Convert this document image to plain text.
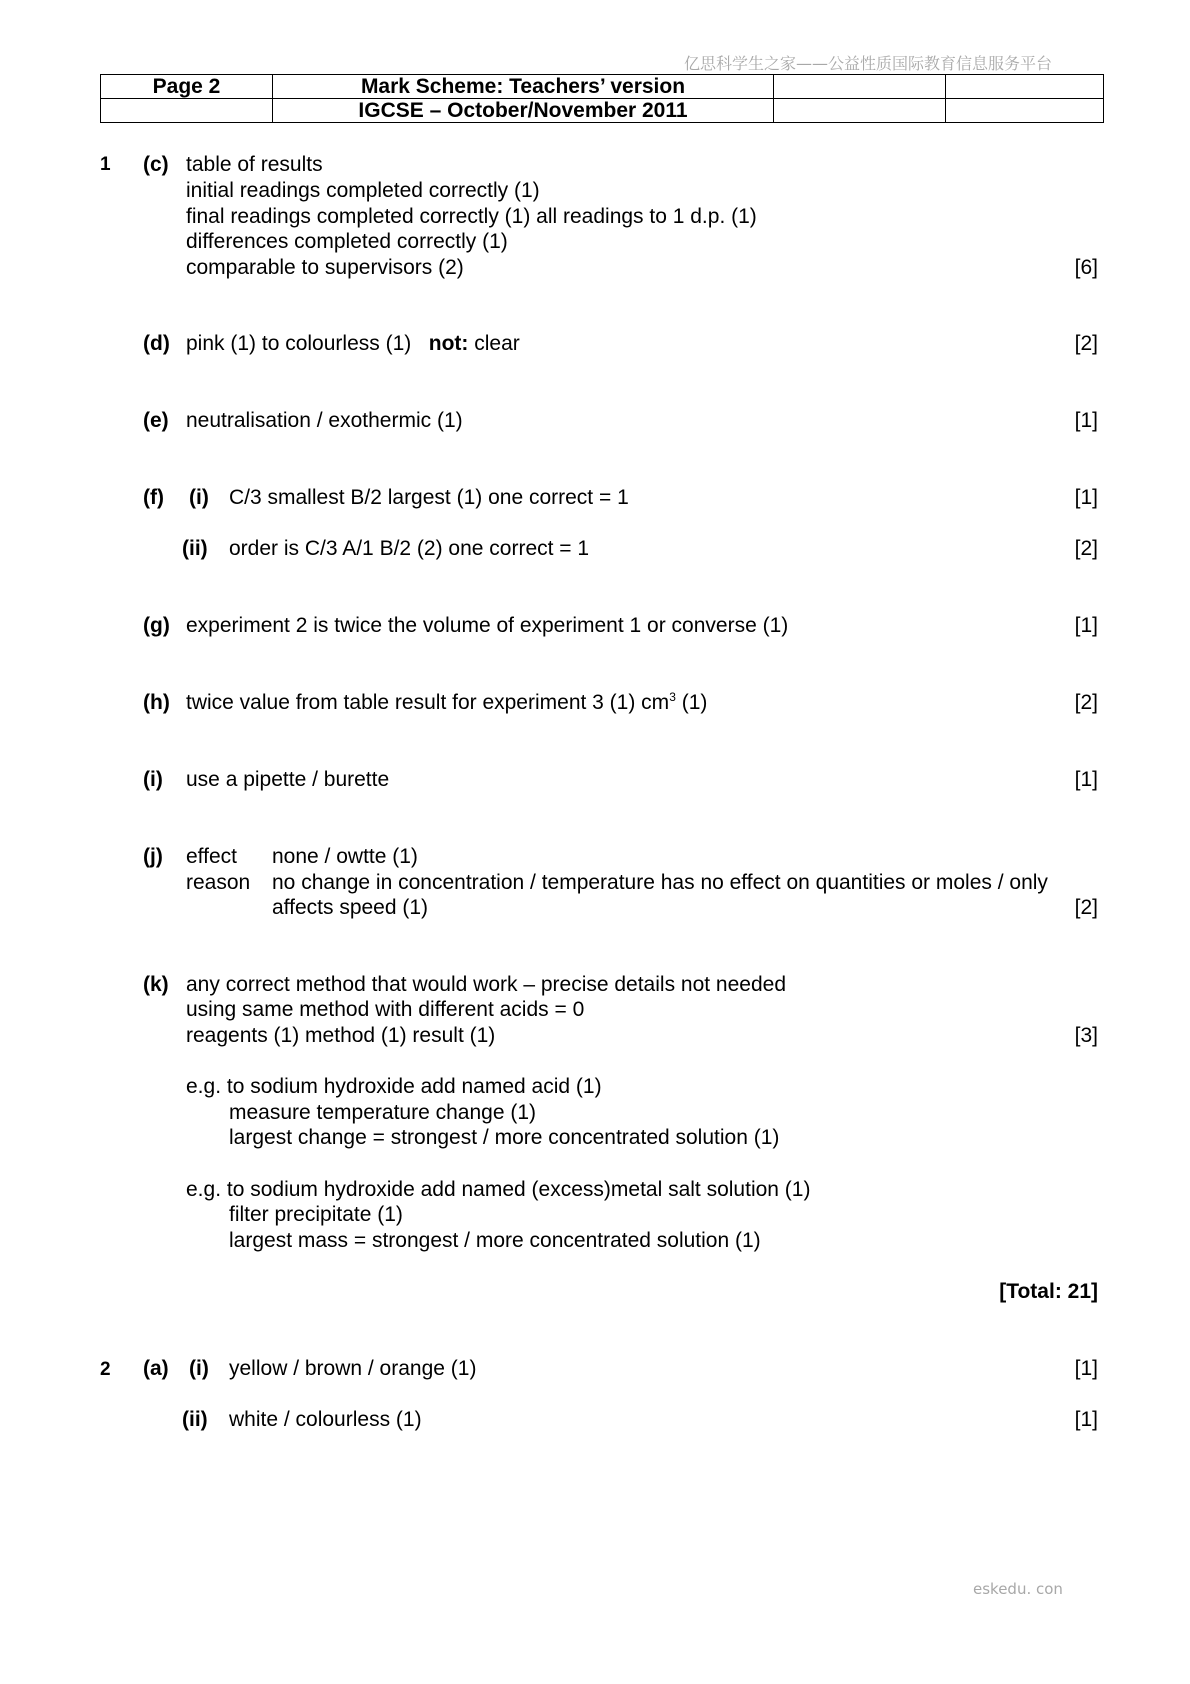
亿思科学生之家——公益性质国际教育信息服务平台
eskedu. con
Page 2	Mark Scheme: Teachers’ version		
	IGCSE – October/November 2011		
1 (c) table of results
initial readings completed correctly (1)
final readings completed correctly (1) all readings to 1 d.p. (1)
differences completed correctly (1)
comparable to supervisors (2)	[6]
(d) pink (1) to colourless (1) not: clear	[2]
(e) neutralisation / exothermic (1)	[1]
(f) (i) C/3 smallest B/2 largest (1) one correct = 1	[1]
(ii) order is C/3 A/1 B/2 (2) one correct = 1	[2]
(g) experiment 2 is twice the volume of experiment 1 or converse (1)	[1]
(h) twice value from table result for experiment 3 (1) $cm^3$ (1)	[2]
(i) use a pipette / burette	[1]
(j) effect none / owtte (1)
reason no change in concentration / temperature has no effect on quantities or moles / only
affects speed (1)	[2]
(k) any correct method that would work – precise details not needed
using same method with different acids = 0
reagents (1) method (1) result (1)	[3]
e.g. to sodium hydroxide add named acid (1)
measure temperature change (1)
largest change = strongest / more concentrated solution (1)
e.g. to sodium hydroxide add named (excess)metal salt solution (1)
filter precipitate (1)
largest mass = strongest / more concentrated solution (1)
[Total: 21]
2 (a) (i) yellow / brown / orange (1)	[1]
(ii) white / colourless (1)	[1]
